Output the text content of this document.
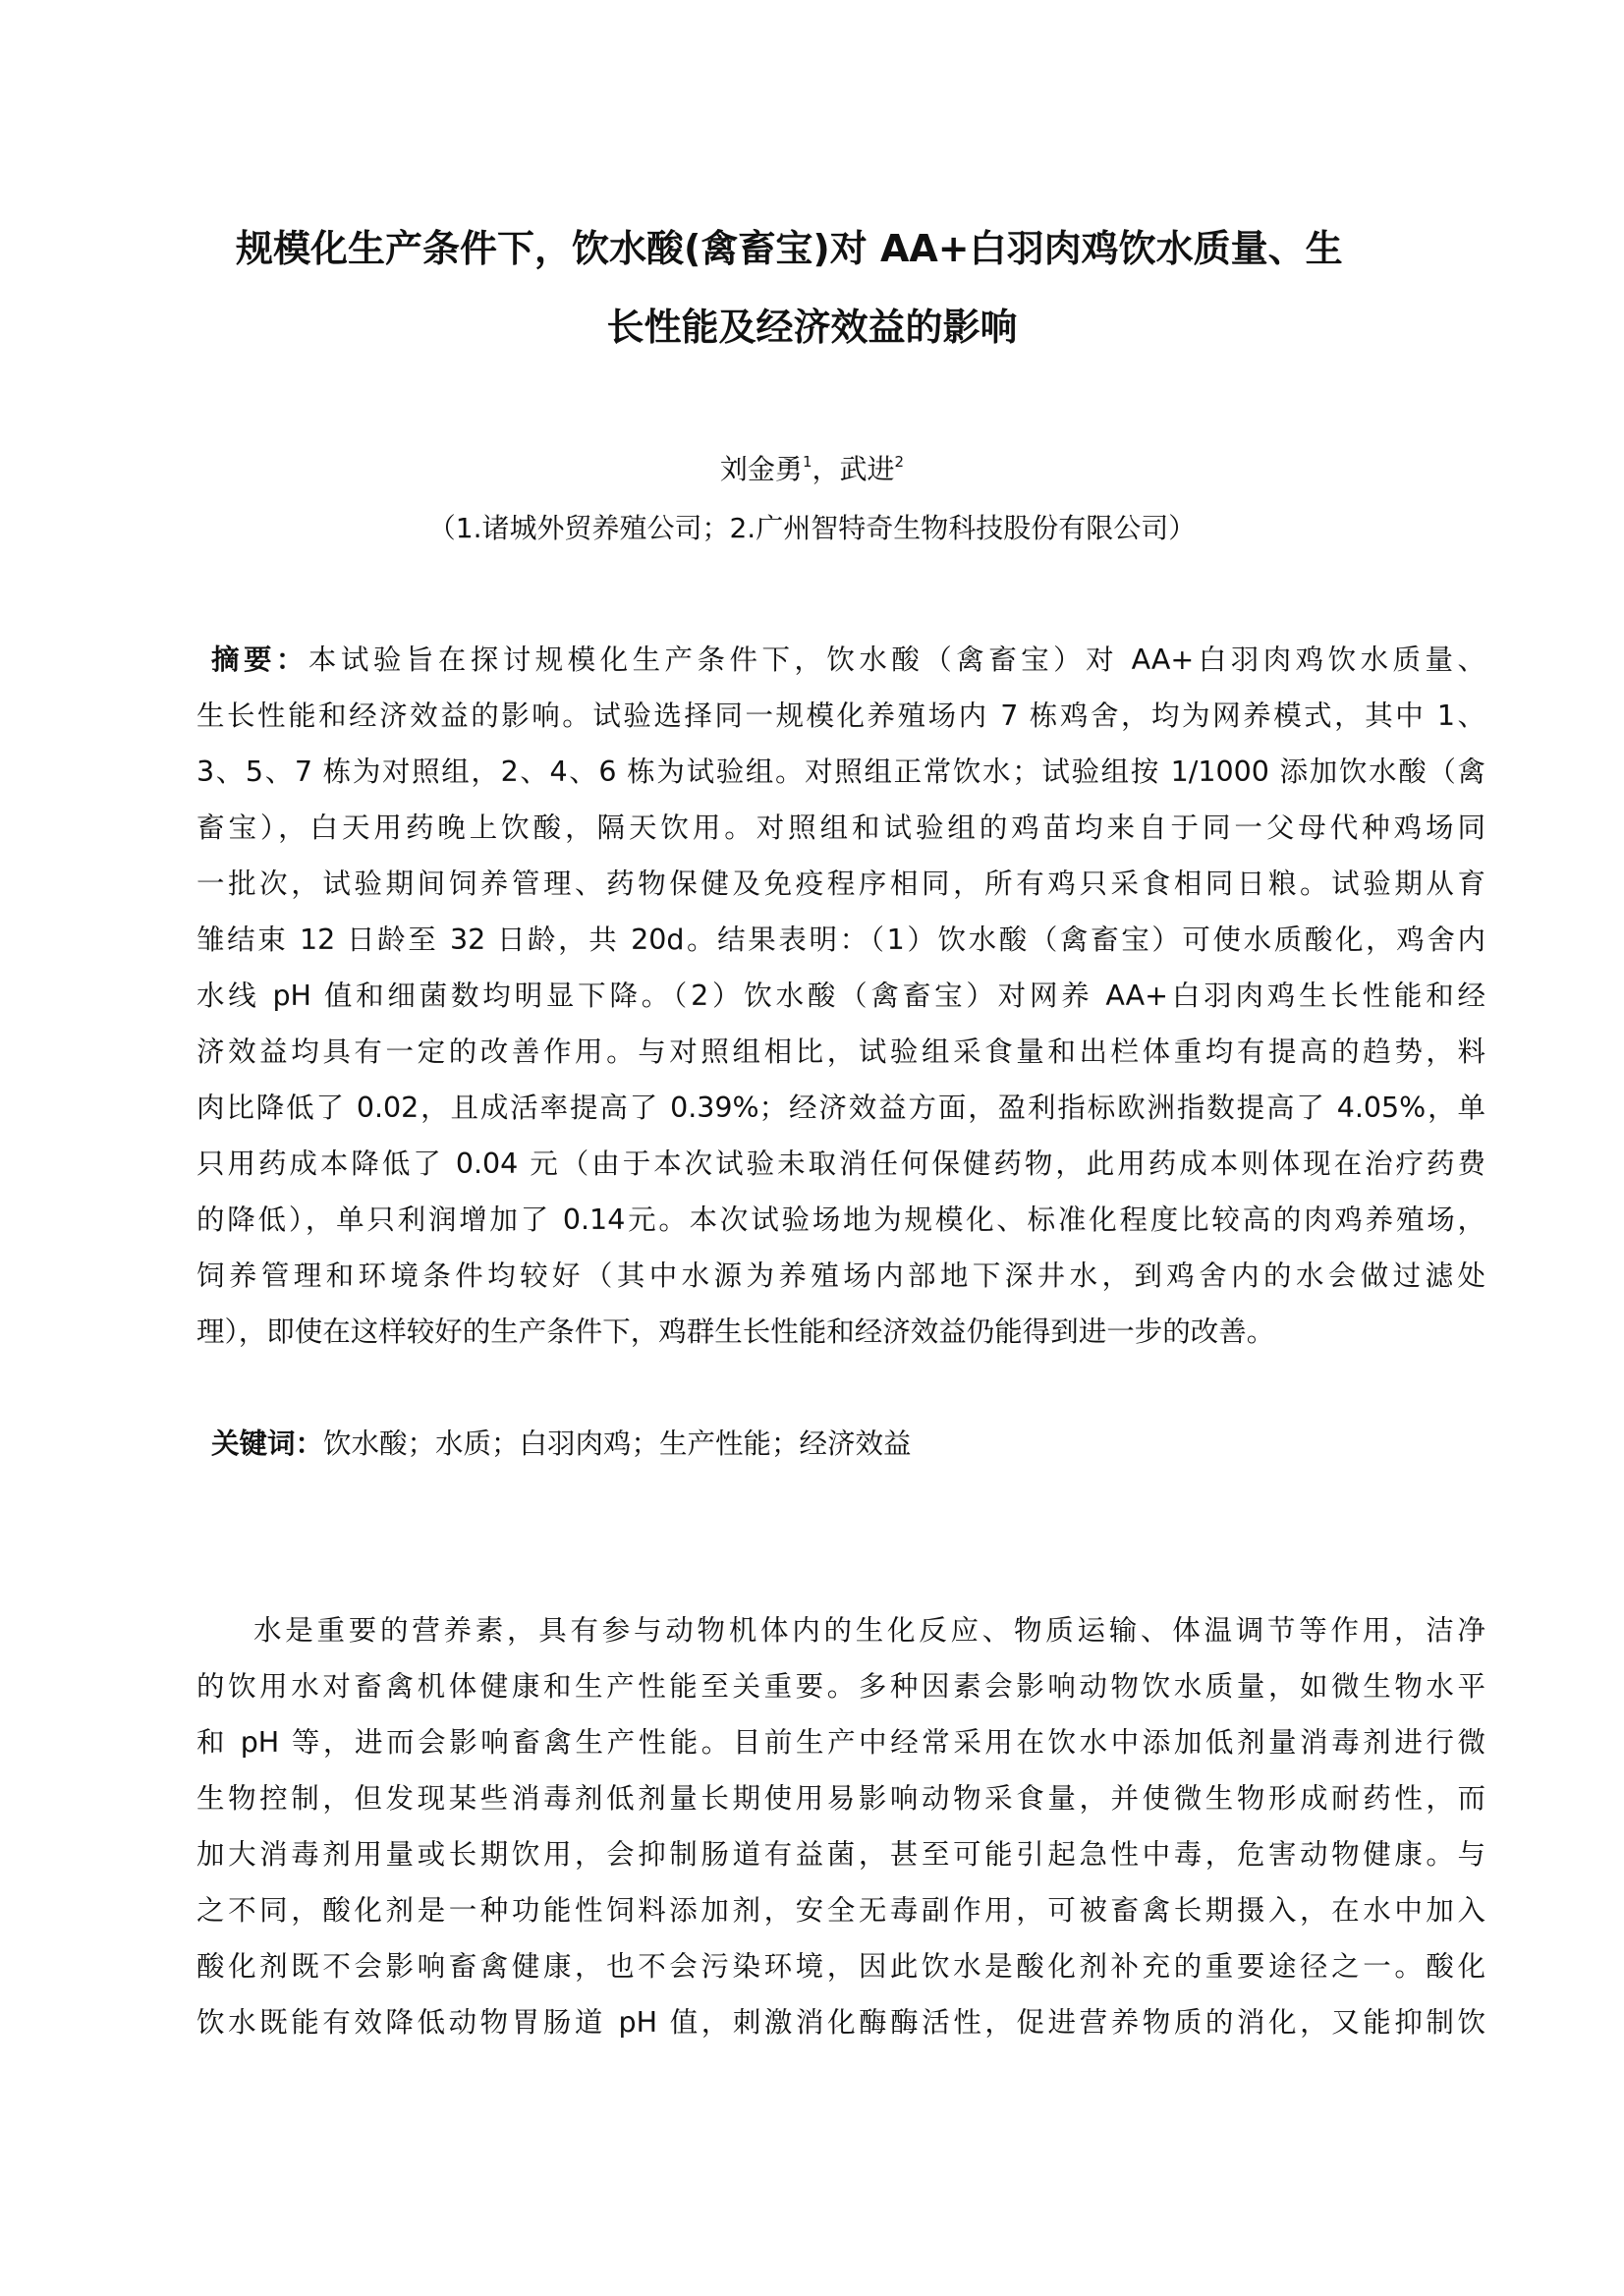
规模化生产条件下，饮水酸(禽畜宝)对 AA+白羽肉鸡饮水质量、生
长性能及经济效益的影响
刘金勇$^1$，武进$^2$
（1.诸城外贸养殖公司；2.广州智特奇生物科技股份有限公司）
摘要：本试验旨在探讨规模化生产条件下，饮水酸（禽畜宝）对 AA+白羽肉鸡饮水质量、
生长性能和经济效益的影响。试验选择同一规模化养殖场内 7 栋鸡舍，均为网养模式，其中 1、
3、5、7 栋为对照组，2、4、6 栋为试验组。对照组正常饮水；试验组按 1/1000 添加饮水酸（禽
畜宝），白天用药晚上饮酸，隔天饮用。对照组和试验组的鸡苗均来自于同一父母代种鸡场同
一批次，试验期间饲养管理、药物保健及免疫程序相同，所有鸡只采食相同日粮。试验期从育
雏结束 12 日龄至 32 日龄，共 20d。结果表明：（1）饮水酸（禽畜宝）可使水质酸化，鸡舍内
水线 pH 值和细菌数均明显下降。（2）饮水酸（禽畜宝）对网养 AA+白羽肉鸡生长性能和经
济效益均具有一定的改善作用。与对照组相比，试验组采食量和出栏体重均有提高的趋势，料
肉比降低了 0.02，且成活率提高了 0.39%；经济效益方面，盈利指标欧洲指数提高了 4.05%，单
只用药成本降低了 0.04 元（由于本次试验未取消任何保健药物，此用药成本则体现在治疗药费
的降低），单只利润增加了 0.14元。本次试验场地为规模化、标准化程度比较高的肉鸡养殖场，
饲养管理和环境条件均较好（其中水源为养殖场内部地下深井水，到鸡舍内的水会做过滤处
理），即使在这样较好的生产条件下，鸡群生长性能和经济效益仍能得到进一步的改善。
关键词：饮水酸；水质；白羽肉鸡；生产性能；经济效益
水是重要的营养素，具有参与动物机体内的生化反应、物质运输、体温调节等作用，洁净
的饮用水对畜禽机体健康和生产性能至关重要。多种因素会影响动物饮水质量，如微生物水平
和 pH 等，进而会影响畜禽生产性能。目前生产中经常采用在饮水中添加低剂量消毒剂进行微
生物控制，但发现某些消毒剂低剂量长期使用易影响动物采食量，并使微生物形成耐药性，而
加大消毒剂用量或长期饮用，会抑制肠道有益菌，甚至可能引起急性中毒，危害动物健康。与
之不同，酸化剂是一种功能性饲料添加剂，安全无毒副作用，可被畜禽长期摄入，在水中加入
酸化剂既不会影响畜禽健康，也不会污染环境，因此饮水是酸化剂补充的重要途径之一。酸化
饮水既能有效降低动物胃肠道 pH 值，刺激消化酶酶活性，促进营养物质的消化，又能抑制饮
